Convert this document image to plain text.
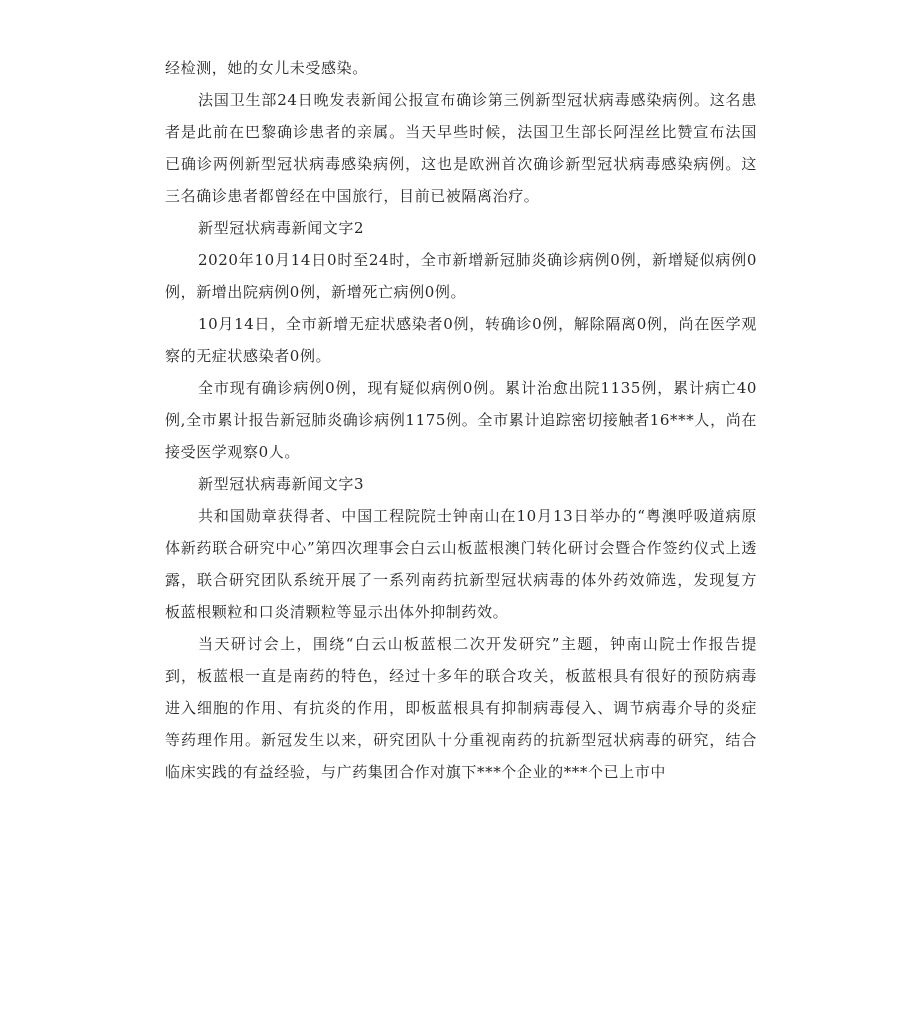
经检测，她的女儿未受感染。

法国卫生部24日晚发表新闻公报宣布确诊第三例新型冠状病毒感染病例。这名患者是此前在巴黎确诊患者的亲属。当天早些时候，法国卫生部长阿涅丝比赞宣布法国已确诊两例新型冠状病毒感染病例，这也是欧洲首次确诊新型冠状病毒感染病例。这三名确诊患者都曾经在中国旅行，目前已被隔离治疗。

新型冠状病毒新闻文字2

2020年10月14日0时至24时，全市新增新冠肺炎确诊病例0例，新增疑似病例0例，新增出院病例0例，新增死亡病例0例。

10月14日，全市新增无症状感染者0例，转确诊0例，解除隔离0例，尚在医学观察的无症状感染者0例。

全市现有确诊病例0例，现有疑似病例0例。累计治愈出院1135例，累计病亡40例,全市累计报告新冠肺炎确诊病例1175例。全市累计追踪密切接触者16***人，尚在接受医学观察0人。

新型冠状病毒新闻文字3

共和国勋章获得者、中国工程院院士钟南山在10月13日举办的“粤澳呼吸道病原体新药联合研究中心”第四次理事会白云山板蓝根澳门转化研讨会暨合作签约仪式上透露，联合研究团队系统开展了一系列南药抗新型冠状病毒的体外药效筛选，发现复方板蓝根颗粒和口炎清颗粒等显示出体外抑制药效。

当天研讨会上，围绕“白云山板蓝根二次开发研究”主题，钟南山院士作报告提到，板蓝根一直是南药的特色，经过十多年的联合攻关，板蓝根具有很好的预防病毒进入细胞的作用、有抗炎的作用，即板蓝根具有抑制病毒侵入、调节病毒介导的炎症等药理作用。新冠发生以来，研究团队十分重视南药的抗新型冠状病毒的研究，结合临床实践的有益经验，与广药集团合作对旗下***个企业的***个已上市中
